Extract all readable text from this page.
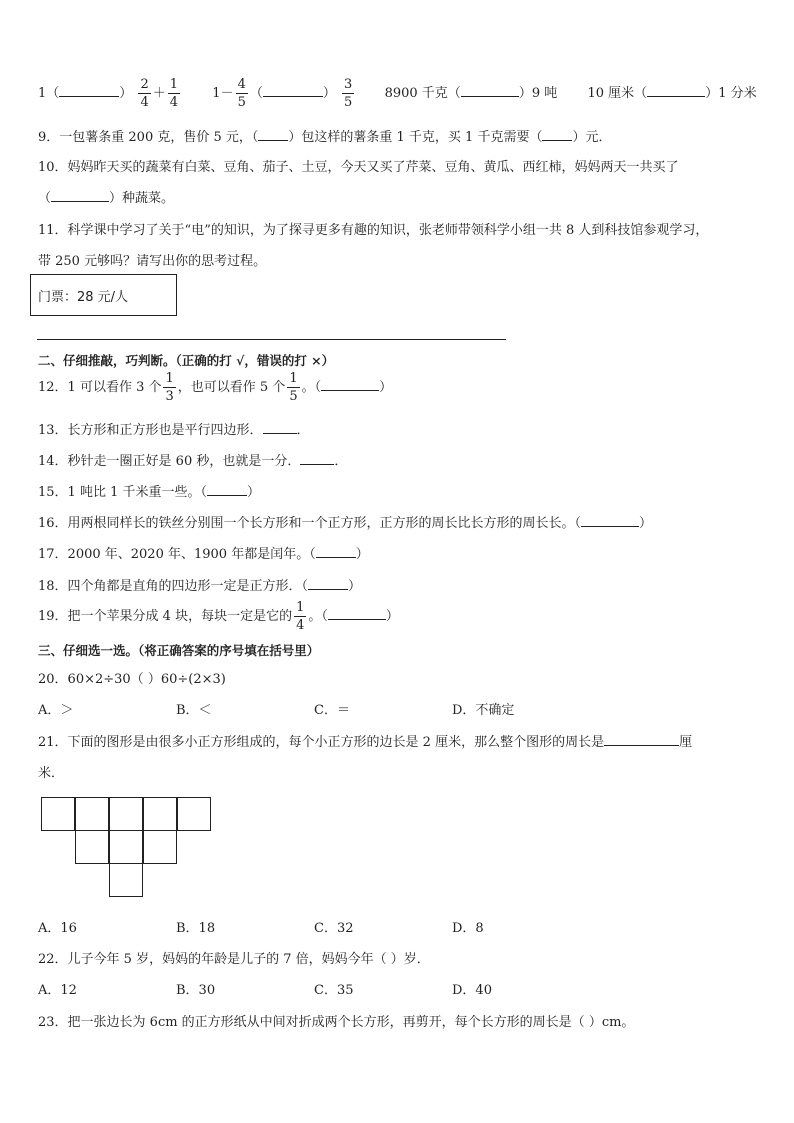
1（	） $\frac{2}{4} + \frac{1}{4} 1- \frac{4}{5}$ （	） $\frac{3}{5} 8900$ 千克（	）9 吨 10 厘米（	）1 分米
9．一包薯条重 200 克，售价 5 元，（ ）包这样的薯条重 1 千克，买 1 千克需要（ ）元．
10．妈妈昨天买的蔬菜有白菜、豆角、茄子、土豆，今天又买了芹菜、豆角、黄瓜、西红柿，妈妈两天一共买了
（	）种蔬菜。
11．科学课中学习了关于“电”的知识，为了探寻更多有趣的知识，张老师带领科学小组一共 8 人到科技馆参观学习，
带 250 元够吗？请写出你的思考过程。
门票：28 元/人
二、仔细推敲，巧判断。（正确的打 √，错误的打 ×）
12．1 可以看作 3 个 $\frac{1}{3}$ ，也可以看作 5 个 $\frac{1}{5}$ 。（	）
13．长方形和正方形也是平行四边形．	．
14．秒针走一圈正好是 60 秒，也就是一分．	．
15．1 吨比 1 千米重一些。（	）
16．用两根同样长的铁丝分别围一个长方形和一个正方形，正方形的周长比长方形的周长长。（	）
17．2000 年、2020 年、1900 年都是闰年。（	）
18．四个角都是直角的四边形一定是正方形．（	）
19．把一个苹果分成 4 块，每块一定是它的 $\frac{1}{4}$ 。（	）
三、仔细选一选。（将正确答案的序号填在括号里）
20．60×2÷30（ ）60÷(2×3)
A．＞	B．＜	C．＝	D．不确定
21．下面的图形是由很多小正方形组成的，每个小正方形的边长是 2 厘米，那么整个图形的周长是	厘
米．
A．16	B．18	C．32	D．8
22．儿子今年 5 岁，妈妈的年龄是儿子的 7 倍，妈妈今年（ ）岁．
A．12	B．30	C．35	D．40
23．把一张边长为 6cm 的正方形纸从中间对折成两个长方形，再剪开，每个长方形的周长是（ ）cm。
